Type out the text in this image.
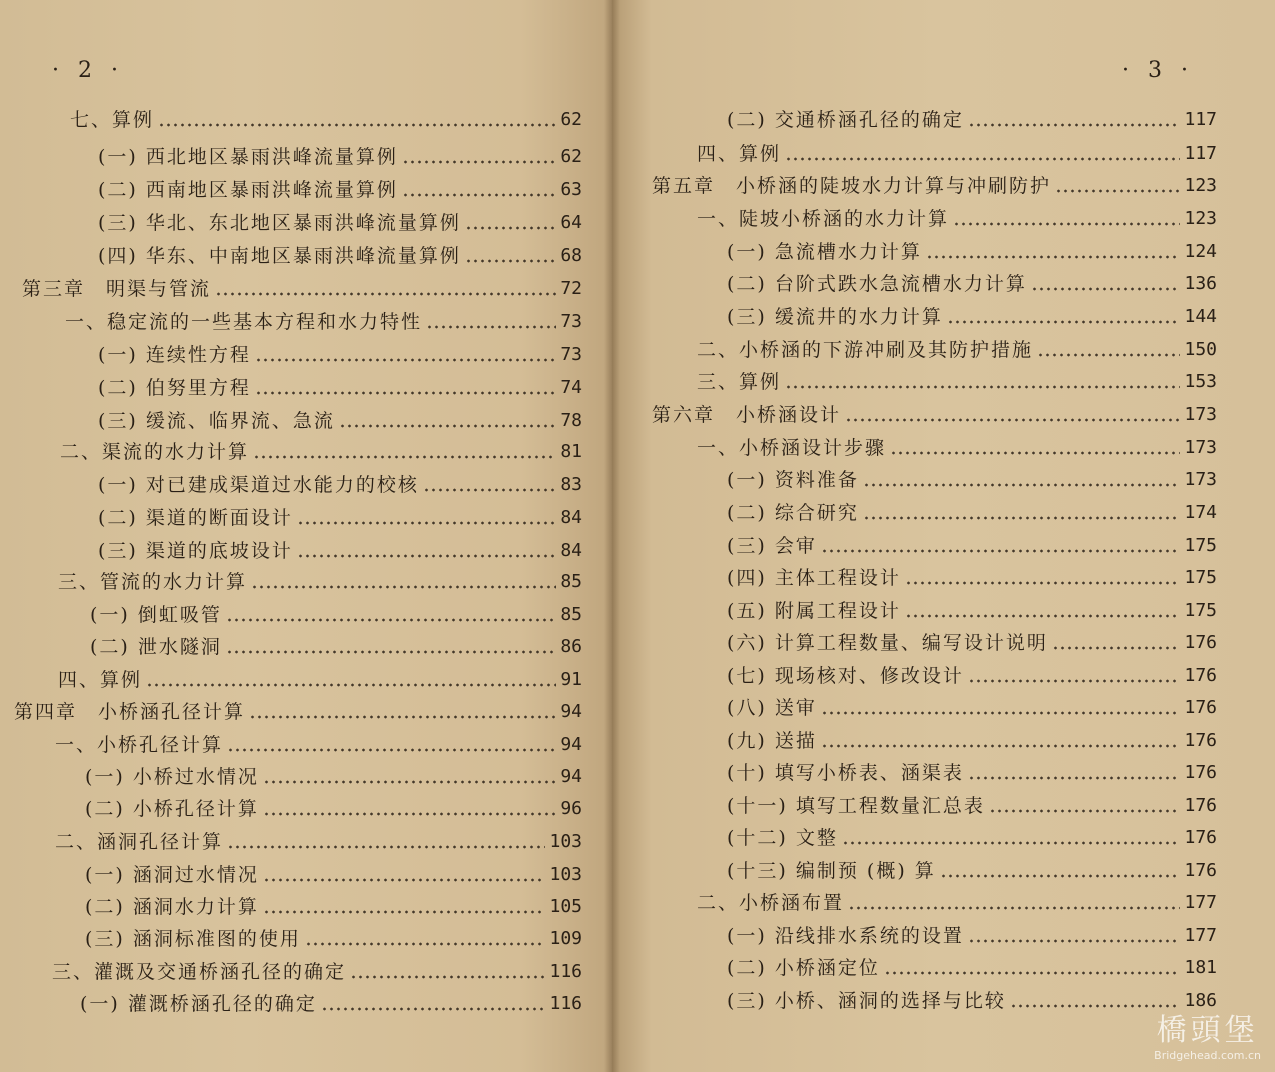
· 2 ·
七、算例	62
(一) 西北地区暴雨洪峰流量算例	62
(二) 西南地区暴雨洪峰流量算例	63
(三) 华北、东北地区暴雨洪峰流量算例	64
(四) 华东、中南地区暴雨洪峰流量算例	68
第三章　明渠与管流	72
一、稳定流的一些基本方程和水力特性	73
(一) 连续性方程	73
(二) 伯努里方程	74
(三) 缓流、临界流、急流	78
二、渠流的水力计算	81
(一) 对已建成渠道过水能力的校核	83
(二) 渠道的断面设计	84
(三) 渠道的底坡设计	84
三、管流的水力计算	85
(一) 倒虹吸管	85
(二) 泄水隧洞	86
四、算例	91
第四章　小桥涵孔径计算	94
一、小桥孔径计算	94
(一) 小桥过水情况	94
(二) 小桥孔径计算	96
二、涵洞孔径计算	103
(一) 涵洞过水情况	103
(二) 涵洞水力计算	105
(三) 涵洞标准图的使用	109
三、灌溉及交通桥涵孔径的确定	116
(一) 灌溉桥涵孔径的确定	116
· 3 ·
(二) 交通桥涵孔径的确定	117
四、算例	117
第五章　小桥涵的陡坡水力计算与冲刷防护	123
一、陡坡小桥涵的水力计算	123
(一) 急流槽水力计算	124
(二) 台阶式跌水急流槽水力计算	136
(三) 缓流井的水力计算	144
二、小桥涵的下游冲刷及其防护措施	150
三、算例	153
第六章　小桥涵设计	173
一、小桥涵设计步骤	173
(一) 资料准备	173
(二) 综合研究	174
(三) 会审	175
(四) 主体工程设计	175
(五) 附属工程设计	175
(六) 计算工程数量、编写设计说明	176
(七) 现场核对、修改设计	176
(八) 送审	176
(九) 送描	176
(十) 填写小桥表、涵渠表	176
(十一) 填写工程数量汇总表	176
(十二) 文整	176
(十三) 编制预 (概) 算	176
二、小桥涵布置	177
(一) 沿线排水系统的设置	177
(二) 小桥涵定位	181
(三) 小桥、涵洞的选择与比较	186
橋頭堡
Bridgehead.com.cn
